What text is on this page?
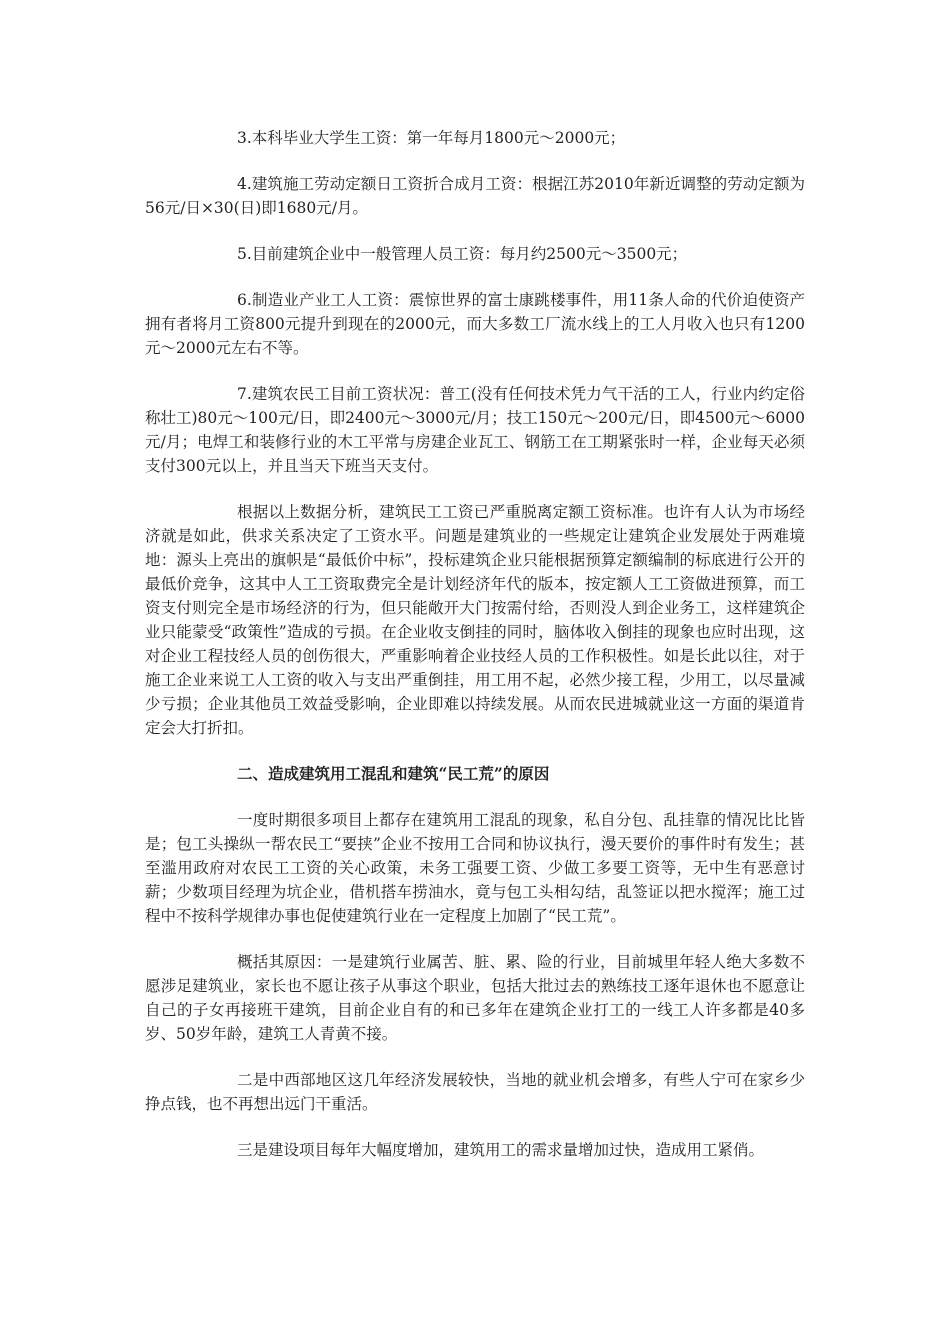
3.本科毕业大学生工资：第一年每月1800元～2000元；

4.建筑施工劳动定额日工资折合成月工资：根据江苏2010年新近调整的劳动定额为56元/日×30(日)即1680元/月。

5.目前建筑企业中一般管理人员工资：每月约2500元～3500元；

6.制造业产业工人工资：震惊世界的富士康跳楼事件，用11条人命的代价迫使资产拥有者将月工资800元提升到现在的2000元，而大多数工厂流水线上的工人月收入也只有1200元～2000元左右不等。

7.建筑农民工目前工资状况：普工(没有任何技术凭力气干活的工人，行业内约定俗称壮工)80元～100元/日，即2400元～3000元/月；技工150元～200元/日，即4500元～6000元/月；电焊工和装修行业的木工平常与房建企业瓦工、钢筋工在工期紧张时一样，企业每天必须支付300元以上，并且当天下班当天支付。

根据以上数据分析，建筑民工工资已严重脱离定额工资标准。也许有人认为市场经济就是如此，供求关系决定了工资水平。问题是建筑业的一些规定让建筑企业发展处于两难境地：源头上亮出的旗帜是“最低价中标”，投标建筑企业只能根据预算定额编制的标底进行公开的最低价竞争，这其中人工工资取费完全是计划经济年代的版本，按定额人工工资做进预算，而工资支付则完全是市场经济的行为，但只能敞开大门按需付给，否则没人到企业务工，这样建筑企业只能蒙受“政策性”造成的亏损。在企业收支倒挂的同时，脑体收入倒挂的现象也应时出现，这对企业工程技经人员的创伤很大，严重影响着企业技经人员的工作积极性。如是长此以往，对于施工企业来说工人工资的收入与支出严重倒挂，用工用不起，必然少接工程，少用工，以尽量减少亏损；企业其他员工效益受影响，企业即难以持续发展。从而农民进城就业这一方面的渠道肯定会大打折扣。

二、造成建筑用工混乱和建筑“民工荒”的原因

一度时期很多项目上都存在建筑用工混乱的现象，私自分包、乱挂靠的情况比比皆是；包工头操纵一帮农民工“要挟”企业不按用工合同和协议执行，漫天要价的事件时有发生；甚至滥用政府对农民工工资的关心政策，未务工强要工资、少做工多要工资等，无中生有恶意讨薪；少数项目经理为坑企业，借机搭车捞油水，竟与包工头相勾结，乱签证以把水搅浑；施工过程中不按科学规律办事也促使建筑行业在一定程度上加剧了“民工荒”。

概括其原因：一是建筑行业属苦、脏、累、险的行业，目前城里年轻人绝大多数不愿涉足建筑业，家长也不愿让孩子从事这个职业，包括大批过去的熟练技工逐年退休也不愿意让自己的子女再接班干建筑，目前企业自有的和已多年在建筑企业打工的一线工人许多都是40多岁、50岁年龄，建筑工人青黄不接。

二是中西部地区这几年经济发展较快，当地的就业机会增多，有些人宁可在家乡少挣点钱，也不再想出远门干重活。

三是建设项目每年大幅度增加，建筑用工的需求量增加过快，造成用工紧俏。
